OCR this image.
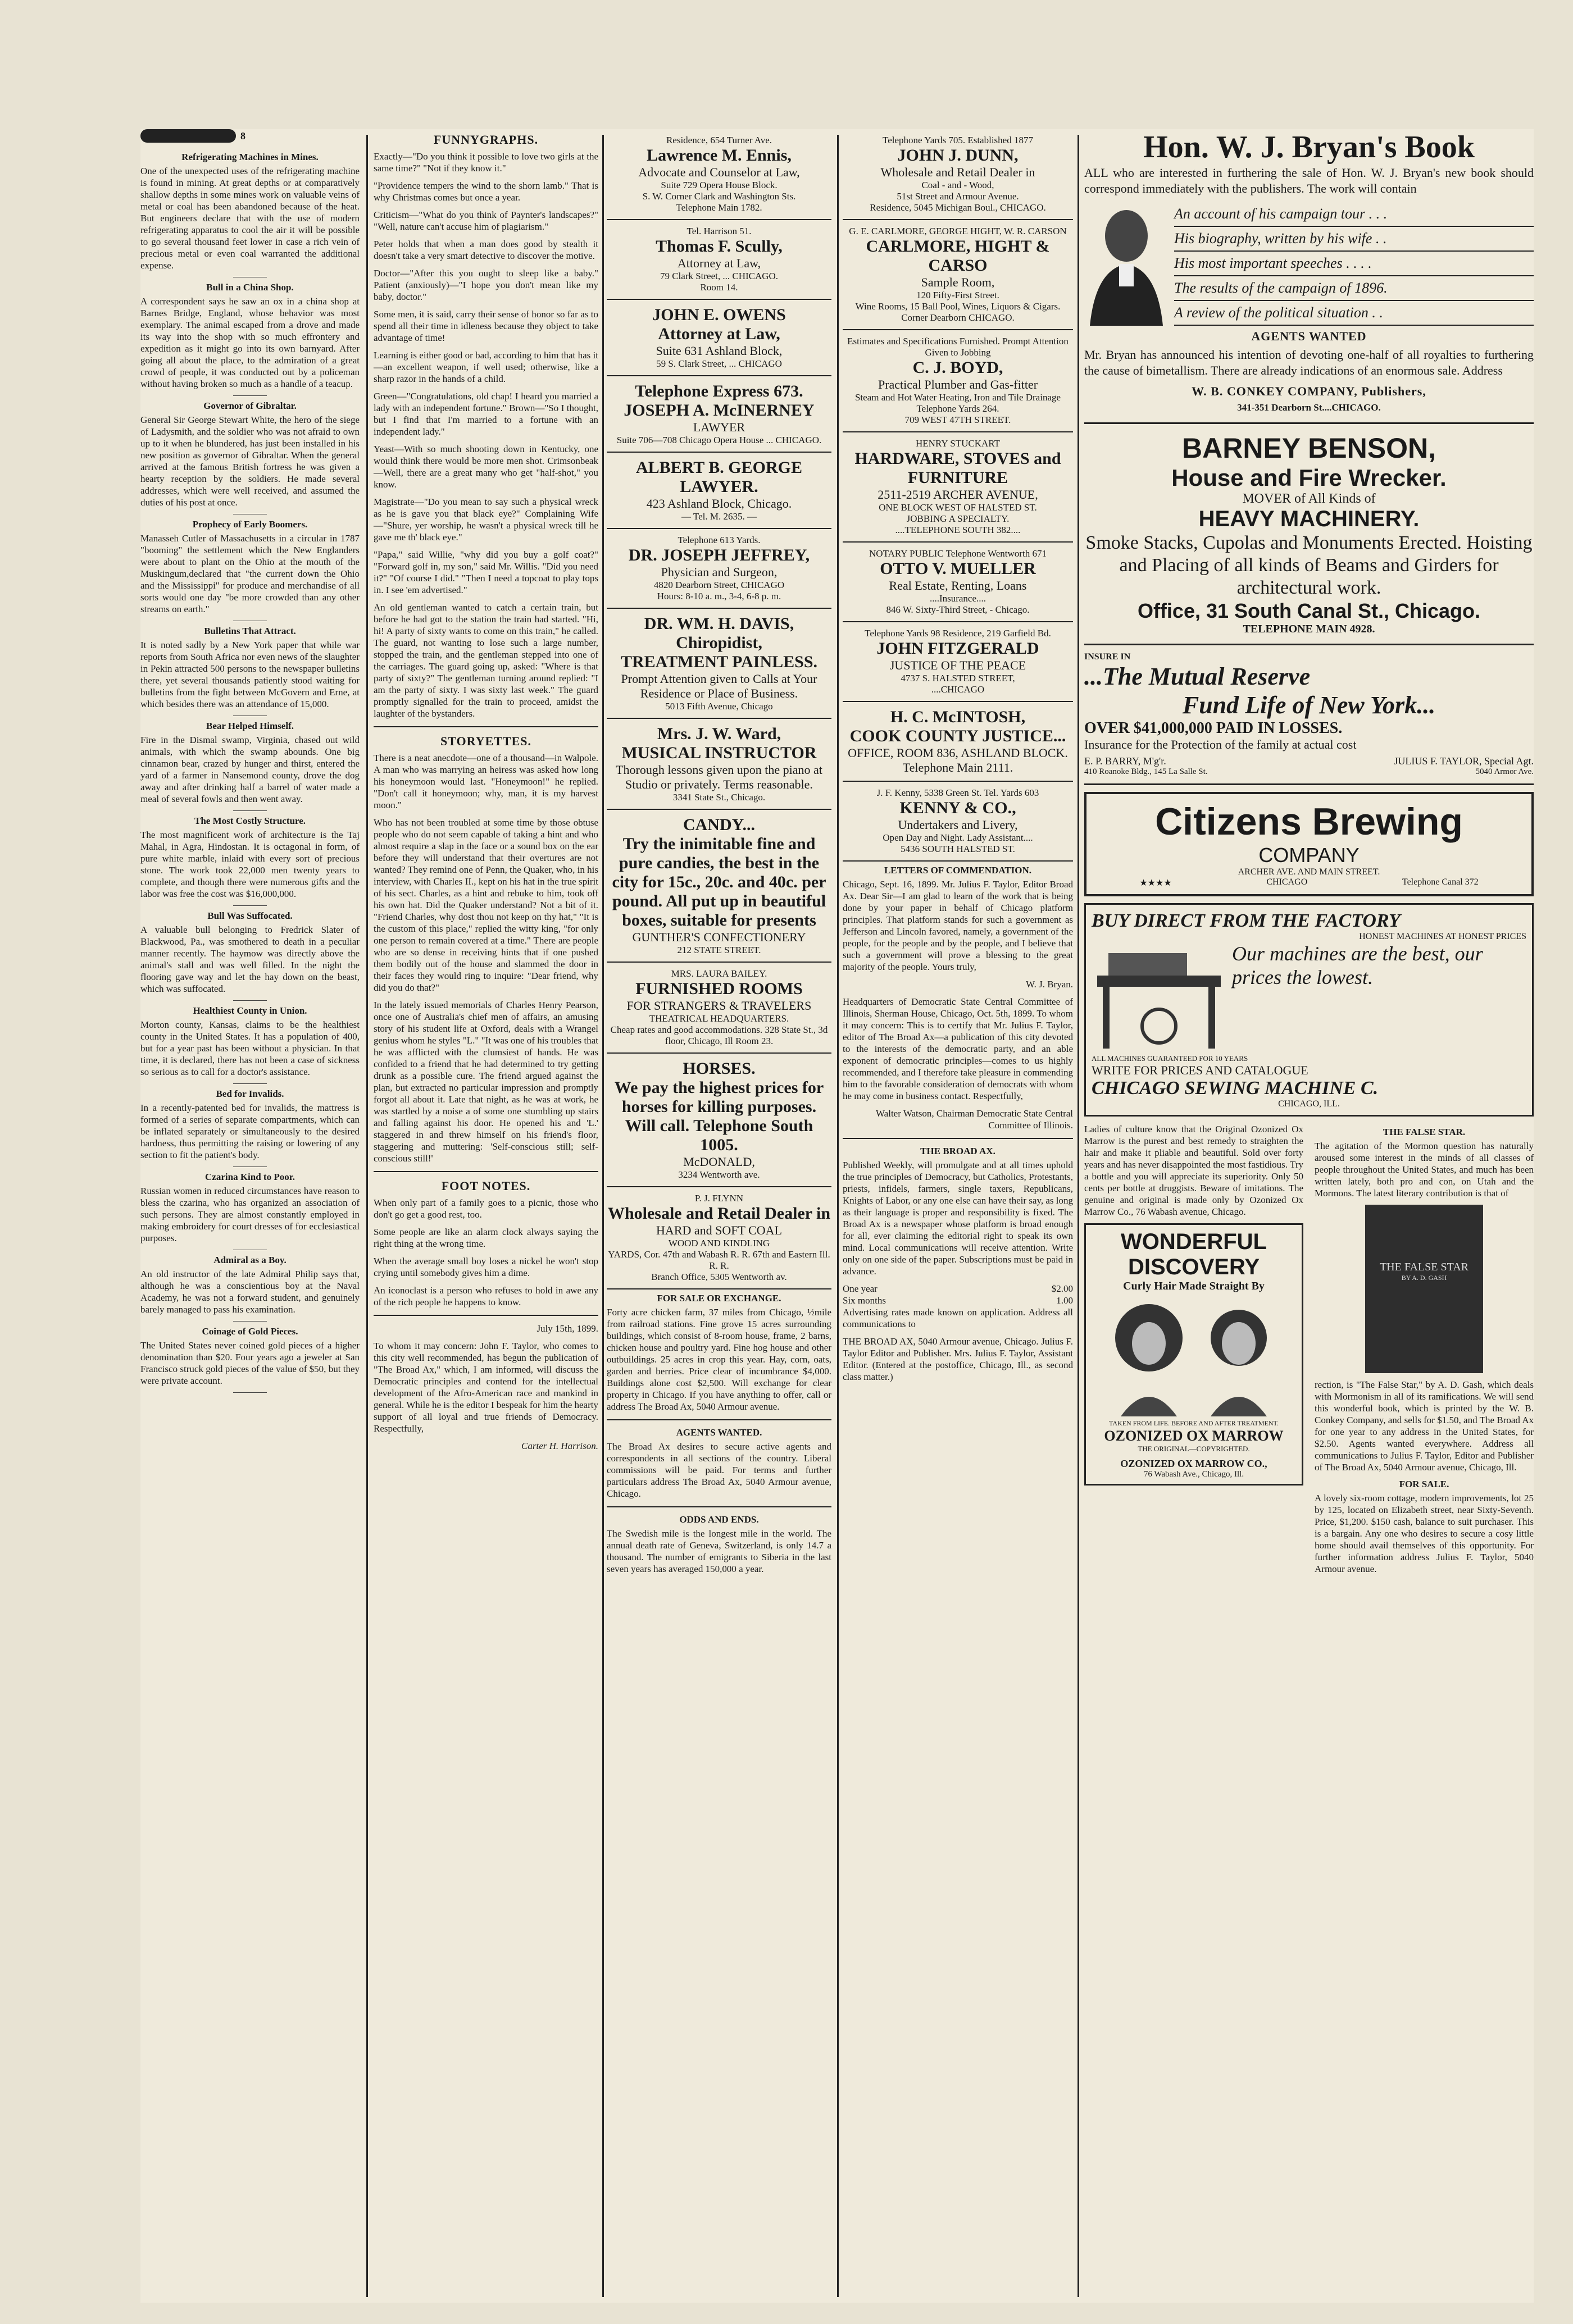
8
Refrigerating Machines in Mines.
One of the unexpected uses of the refrigerating machine is found in mining. At great depths or at comparatively shallow depths in some mines work on valuable veins of metal or coal has been abandoned because of the heat. But engineers declare that with the use of modern refrigerating apparatus to cool the air it will be possible to go several thousand feet lower in case a rich vein of precious metal or even coal warranted the additional expense.
Bull in a China Shop.
A correspondent says he saw an ox in a china shop at Barnes Bridge, England, whose behavior was most exemplary. The animal escaped from a drove and made its way into the shop with so much effrontery and expedition as it might go into its own barnyard. After going all about the place, to the admiration of a great crowd of people, it was conducted out by a policeman without having broken so much as a handle of a teacup.
Governor of Gibraltar.
General Sir George Stewart White, the hero of the siege of Ladysmith, and the soldier who was not afraid to own up to it when he blundered, has just been installed in his new position as governor of Gibraltar. When the general arrived at the famous British fortress he was given a hearty reception by the soldiers. He made several addresses, which were well received, and assumed the duties of his post at once.
Prophecy of Early Boomers.
Manasseh Cutler of Massachusetts in a circular in 1787 "booming" the settlement which the New Englanders were about to plant on the Ohio at the mouth of the Muskingum,declared that "the current down the Ohio and the Mississippi" for produce and merchandise of all sorts would one day "be more crowded than any other streams on earth."
Bulletins That Attract.
It is noted sadly by a New York paper that while war reports from South Africa nor even news of the slaughter in Pekin attracted 500 persons to the newspaper bulletins there, yet several thousands patiently stood waiting for bulletins from the fight between McGovern and Erne, at which besides there was an attendance of 15,000.
Bear Helped Himself.
Fire in the Dismal swamp, Virginia, chased out wild animals, with which the swamp abounds. One big cinnamon bear, crazed by hunger and thirst, entered the yard of a farmer in Nansemond county, drove the dog away and after drinking half a barrel of water made a meal of several fowls and then went away.
The Most Costly Structure.
The most magnificent work of architecture is the Taj Mahal, in Agra, Hindostan. It is octagonal in form, of pure white marble, inlaid with every sort of precious stone. The work took 22,000 men twenty years to complete, and though there were numerous gifts and the labor was free the cost was $16,000,000.
Bull Was Suffocated.
A valuable bull belonging to Fredrick Slater of Blackwood, Pa., was smothered to death in a peculiar manner recently. The haymow was directly above the animal's stall and was well filled. In the night the flooring gave way and let the hay down on the beast, which was suffocated.
Healthiest County in Union.
Morton county, Kansas, claims to be the healthiest county in the United States. It has a population of 400, but for a year past has been without a physician. In that time, it is declared, there has not been a case of sickness so serious as to call for a doctor's assistance.
Bed for Invalids.
In a recently-patented bed for invalids, the mattress is formed of a series of separate compartments, which can be inflated separately or simultaneously to the desired hardness, thus permitting the raising or lowering of any section to fit the patient's body.
Czarina Kind to Poor.
Russian women in reduced circumstances have reason to bless the czarina, who has organized an association of such persons. They are almost constantly employed in making embroidery for court dresses of for ecclesiastical purposes.
Admiral as a Boy.
An old instructor of the late Admiral Philip says that, although he was a conscientious boy at the Naval Academy, he was not a forward student, and genuinely barely managed to pass his examination.
Coinage of Gold Pieces.
The United States never coined gold pieces of a higher denomination than $20. Four years ago a jeweler at San Francisco struck gold pieces of the value of $50, but they were private account.
FUNNYGRAPHS.
Exactly—"Do you think it possible to love two girls at the same time?" "Not if they know it."
"Providence tempers the wind to the shorn lamb." That is why Christmas comes but once a year.
Criticism—"What do you think of Paynter's landscapes?" "Well, nature can't accuse him of plagiarism."
Peter holds that when a man does good by stealth it doesn't take a very smart detective to discover the motive.
Doctor—"After this you ought to sleep like a baby." Patient (anxiously)—"I hope you don't mean like my baby, doctor."
Some men, it is said, carry their sense of honor so far as to spend all their time in idleness because they object to take advantage of time!
Learning is either good or bad, according to him that has it—an excellent weapon, if well used; otherwise, like a sharp razor in the hands of a child.
Green—"Congratulations, old chap! I heard you married a lady with an independent fortune." Brown—"So I thought, but I find that I'm married to a fortune with an independent lady."
Yeast—With so much shooting down in Kentucky, one would think there would be more men shot. Crimsonbeak—Well, there are a great many who get "half-shot," you know.
Magistrate—"Do you mean to say such a physical wreck as he is gave you that black eye?" Complaining Wife—"Shure, yer worship, he wasn't a physical wreck till he gave me th' black eye."
"Papa," said Willie, "why did you buy a golf coat?" "Forward golf in, my son," said Mr. Willis. "Did you need it?" "Of course I did." "Then I need a topcoat to play tops in. I see 'em advertised."
An old gentleman wanted to catch a certain train, but before he had got to the station the train had started. "Hi, hi! A party of sixty wants to come on this train," he called. The guard, not wanting to lose such a large number, stopped the train, and the gentleman stepped into one of the carriages. The guard going up, asked: "Where is that party of sixty?" The gentleman turning around replied: "I am the party of sixty. I was sixty last week." The guard promptly signalled for the train to proceed, amidst the laughter of the bystanders.
STORYETTES.
There is a neat anecdote—one of a thousand—in Walpole. A man who was marrying an heiress was asked how long his honeymoon would last. "Honeymoon!" he replied. "Don't call it honeymoon; why, man, it is my harvest moon."
Who has not been troubled at some time by those obtuse people who do not seem capable of taking a hint and who almost require a slap in the face or a sound box on the ear before they will understand that their overtures are not wanted? They remind one of Penn, the Quaker, who, in his interview, with Charles II., kept on his hat in the true spirit of his sect. Charles, as a hint and rebuke to him, took off his own hat. Did the Quaker understand? Not a bit of it. "Friend Charles, why dost thou not keep on thy hat," "It is the custom of this place," replied the witty king, "for only one person to remain covered at a time." There are people who are so dense in receiving hints that if one pushed them bodily out of the house and slammed the door in their faces they would ring to inquire: "Dear friend, why did you do that?"
In the lately issued memorials of Charles Henry Pearson, once one of Australia's chief men of affairs, an amusing story of his student life at Oxford, deals with a Wrangel genius whom he styles "L." "It was one of his troubles that he was afflicted with the clumsiest of hands. He was confided to a friend that he had determined to try getting drunk as a possible cure. The friend argued against the plan, but extracted no particular impression and promptly forgot all about it. Late that night, as he was at work, he was startled by a noise a of some one stumbling up stairs and falling against his door. He opened his and 'L.' staggered in and threw himself on his friend's floor, staggering and muttering: 'Self-conscious still; self-conscious still!'
FOOT NOTES.
When only part of a family goes to a picnic, those who don't go get a good rest, too.
Some people are like an alarm clock always saying the right thing at the wrong time.
When the average small boy loses a nickel he won't stop crying until somebody gives him a dime.
An iconoclast is a person who refuses to hold in awe any of the rich people he happens to know.
July 15th, 1899.
To whom it may concern: John F. Taylor, who comes to this city well recommended, has begun the publication of "The Broad Ax," which, I am informed, will discuss the Democratic principles and contend for the intellectual development of the Afro-American race and mankind in general. While he is the editor I bespeak for him the hearty support of all loyal and true friends of Democracy. Respectfully,
Carter H. Harrison.
Residence, 654 Turner Ave.
Lawrence M. Ennis,
Advocate and Counselor at Law,
Suite 729 Opera House Block.
S. W. Corner Clark and Washington Sts.
Telephone Main 1782.
Tel. Harrison 51.
Thomas F. Scully,
Attorney at Law,
79 Clark Street, ... CHICAGO.
Room 14.
JOHN E. OWENS
Attorney at Law,
Suite 631 Ashland Block,
59 S. Clark Street, ... CHICAGO
Telephone Express 673.
JOSEPH A. McINERNEY
LAWYER
Suite 706—708 Chicago Opera House ... CHICAGO.
ALBERT B. GEORGE
LAWYER.
423 Ashland Block, Chicago.
— Tel. M. 2635. —
Telephone 613 Yards.
DR. JOSEPH JEFFREY,
Physician and Surgeon,
4820 Dearborn Street, CHICAGO
Hours: 8-10 a. m., 3-4, 6-8 p. m.
DR. WM. H. DAVIS, Chiropidist,
TREATMENT PAINLESS.
Prompt Attention given to Calls at Your Residence or Place of Business.
5013 Fifth Avenue, Chicago
Mrs. J. W. Ward,
MUSICAL INSTRUCTOR
Thorough lessons given upon the piano at Studio or privately. Terms reasonable.
3341 State St., Chicago.
CANDY...
Try the inimitable fine and pure candies, the best in the city for 15c., 20c. and 40c. per pound. All put up in beautiful boxes, suitable for presents
GUNTHER'S CONFECTIONERY
212 STATE STREET.
MRS. LAURA BAILEY.
FURNISHED ROOMS
FOR STRANGERS & TRAVELERS
THEATRICAL HEADQUARTERS.
Cheap rates and good accommodations. 328 State St., 3d floor, Chicago, Ill Room 23.
HORSES.
We pay the highest prices for horses for killing purposes. Will call. Telephone South 1005.
McDONALD,
3234 Wentworth ave.
P. J. FLYNN
Wholesale and Retail Dealer in
HARD and SOFT COAL
WOOD AND KINDLING
YARDS, Cor. 47th and Wabash R. R. 67th and Eastern Ill. R. R.
Branch Office, 5305 Wentworth av.
FOR SALE OR EXCHANGE.
Forty acre chicken farm, 37 miles from Chicago, ½mile from railroad stations. Fine grove 15 acres surrounding buildings, which consist of 8-room house, frame, 2 barns, chicken house and poultry yard. Fine hog house and other outbuildings. 25 acres in crop this year. Hay, corn, oats, garden and berries. Price clear of incumbrance $4,000. Buildings alone cost $2,500. Will exchange for clear property in Chicago. If you have anything to offer, call or address The Broad Ax, 5040 Armour avenue.
AGENTS WANTED.
The Broad Ax desires to secure active agents and correspondents in all sections of the country. Liberal commissions will be paid. For terms and further particulars address The Broad Ax, 5040 Armour avenue, Chicago.
ODDS AND ENDS.
The Swedish mile is the longest mile in the world. The annual death rate of Geneva, Switzerland, is only 14.7 a thousand. The number of emigrants to Siberia in the last seven years has averaged 150,000 a year.
Telephone Yards 705. Established 1877
JOHN J. DUNN,
Wholesale and Retail Dealer in
Coal - and - Wood,
51st Street and Armour Avenue.
Residence, 5045 Michigan Boul., CHICAGO.
G. E. CARLMORE, GEORGE HIGHT, W. R. CARSON
CARLMORE, HIGHT & CARSO
Sample Room,
120 Fifty-First Street.
Wine Rooms, 15 Ball Pool, Wines, Liquors & Cigars. Corner Dearborn CHICAGO.
Estimates and Specifications Furnished. Prompt Attention Given to Jobbing
C. J. BOYD,
Practical Plumber and Gas-fitter
Steam and Hot Water Heating, Iron and Tile Drainage
Telephone Yards 264.
709 WEST 47TH STREET.
HENRY STUCKART
HARDWARE, STOVES and FURNITURE
2511-2519 ARCHER AVENUE,
ONE BLOCK WEST OF HALSTED ST.
JOBBING A SPECIALTY.
....TELEPHONE SOUTH 382....
NOTARY PUBLIC Telephone Wentworth 671
OTTO V. MUELLER
Real Estate, Renting, Loans
....Insurance....
846 W. Sixty-Third Street, - Chicago.
Telephone Yards 98 Residence, 219 Garfield Bd.
JOHN FITZGERALD
JUSTICE OF THE PEACE
4737 S. HALSTED STREET,
....CHICAGO
H. C. McINTOSH,
COOK COUNTY JUSTICE...
OFFICE, ROOM 836, ASHLAND BLOCK. Telephone Main 2111.
J. F. Kenny, 5338 Green St. Tel. Yards 603
KENNY & CO.,
Undertakers and Livery,
Open Day and Night. Lady Assistant....
5436 SOUTH HALSTED ST.
LETTERS OF COMMENDATION.
Chicago, Sept. 16, 1899. Mr. Julius F. Taylor, Editor Broad Ax. Dear Sir—I am glad to learn of the work that is being done by your paper in behalf of Chicago platform principles. That platform stands for such a government as Jefferson and Lincoln favored, namely, a government of the people, for the people and by the people, and I believe that such a government will prove a blessing to the great majority of the people. Yours truly,
W. J. Bryan.
Headquarters of Democratic State Central Committee of Illinois, Sherman House, Chicago, Oct. 5th, 1899. To whom it may concern: This is to certify that Mr. Julius F. Taylor, editor of The Broad Ax—a publication of this city devoted to the interests of the democratic party, and an able exponent of democratic principles—comes to us highly recommended, and I therefore take pleasure in commending him to the favorable consideration of democrats with whom he may come in business contact. Respectfully,
Walter Watson, Chairman Democratic State Central Committee of Illinois.
THE BROAD AX.
Published Weekly, will promulgate and at all times uphold the true principles of Democracy, but Catholics, Protestants, priests, infidels, farmers, single taxers, Republicans, Knights of Labor, or any one else can have their say, as long as their language is proper and responsibility is fixed. The Broad Ax is a newspaper whose platform is broad enough for all, ever claiming the editorial right to speak its own mind. Local communications will receive attention. Write only on one side of the paper. Subscriptions must be paid in advance.
One year	$2.00
Six months	1.00
Advertising rates made known on application. Address all communications to
THE BROAD AX, 5040 Armour avenue, Chicago. Julius F. Taylor Editor and Publisher. Mrs. Julius F. Taylor, Assistant Editor. (Entered at the postoffice, Chicago, Ill., as second class matter.)
Hon. W. J. Bryan's Book
ALL who are interested in furthering the sale of Hon. W. J. Bryan's new book should correspond immediately with the publishers. The work will contain
An account of his campaign tour . . .
His biography, written by his wife . .
His most important speeches . . . .
The results of the campaign of 1896.
A review of the political situation . .
AGENTS WANTED
Mr. Bryan has announced his intention of devoting one-half of all royalties to furthering the cause of bimetallism. There are already indications of an enormous sale. Address
W. B. CONKEY COMPANY, Publishers,
341-351 Dearborn St....CHICAGO.
BARNEY BENSON,
House and Fire Wrecker.
MOVER of All Kinds of
HEAVY MACHINERY.
Smoke Stacks, Cupolas and Monuments Erected. Hoisting and Placing of all kinds of Beams and Girders for architectural work.
Office, 31 South Canal St., Chicago.
TELEPHONE MAIN 4928.
INSURE IN
...The Mutual Reserve
Fund Life of New York...
OVER $41,000,000 PAID IN LOSSES.
Insurance for the Protection of the family at actual cost
E. P. BARRY, M'g'r.	JULIUS F. TAYLOR, Special Agt.
410 Roanoke Bldg., 145 La Salle St.	5040 Armor Ave.
Citizens Brewing
COMPANY
ARCHER AVE. AND MAIN STREET.
★★★★	CHICAGO	Telephone Canal 372
BUY DIRECT FROM THE FACTORY
HONEST MACHINES AT HONEST PRICES
Our machines are the best, our prices the lowest.
ALL MACHINES GUARANTEED FOR 10 YEARS
WRITE FOR PRICES AND CATALOGUE
CHICAGO SEWING MACHINE C.
CHICAGO, ILL.
Ladies of culture know that the Original Ozonized Ox Marrow is the purest and best remedy to straighten the hair and make it pliable and beautiful. Sold over forty years and has never disappointed the most fastidious. Try a bottle and you will appreciate its superiority. Only 50 cents per bottle at druggists. Beware of imitations. The genuine and original is made only by Ozonized Ox Marrow Co., 76 Wabash avenue, Chicago.
WONDERFUL DISCOVERY
Curly Hair Made Straight By
TAKEN FROM LIFE. BEFORE AND AFTER TREATMENT.
OZONIZED OX MARROW
THE ORIGINAL—COPYRIGHTED.
OZONIZED OX MARROW CO.,
76 Wabash Ave., Chicago, Ill.
THE FALSE STAR.
The agitation of the Mormon question has naturally aroused some interest in the minds of all classes of people throughout the United States, and much has been written lately, both pro and con, on Utah and the Mormons. The latest literary contribution is that of
THE FALSE STAR
BY A. D. GASH
rection, is "The False Star," by A. D. Gash, which deals with Mormonism in all of its ramifications. We will send this wonderful book, which is printed by the W. B. Conkey Company, and sells for $1.50, and The Broad Ax for one year to any address in the United States, for $2.50. Agents wanted everywhere. Address all communications to Julius F. Taylor, Editor and Publisher of The Broad Ax, 5040 Armour avenue, Chicago, Ill.
FOR SALE.
A lovely six-room cottage, modern improvements, lot 25 by 125, located on Elizabeth street, near Sixty-Seventh. Price, $1,200. $150 cash, balance to suit purchaser. This is a bargain. Any one who desires to secure a cosy little home should avail themselves of this opportunity. For further information address Julius F. Taylor, 5040 Armour avenue.
